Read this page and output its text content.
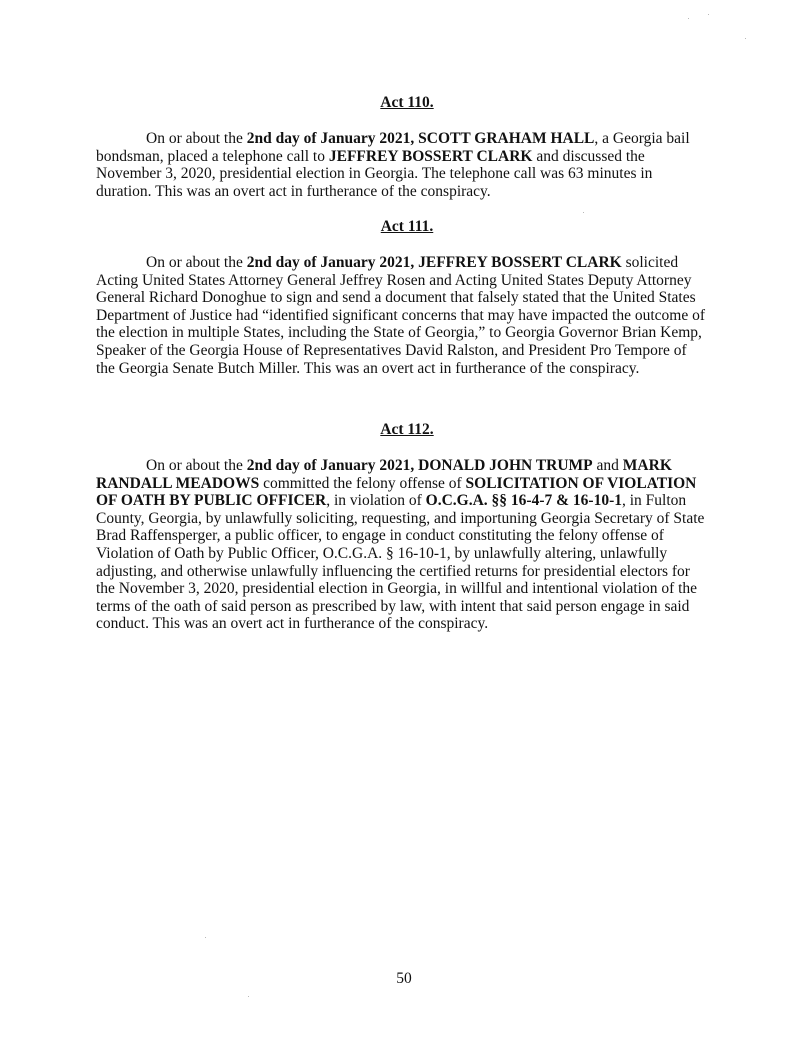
Act 110.

On or about the 2nd day of January 2021, SCOTT GRAHAM HALL, a Georgia bail bondsman, placed a telephone call to JEFFREY BOSSERT CLARK and discussed the November 3, 2020, presidential election in Georgia. The telephone call was 63 minutes in duration. This was an overt act in furtherance of the conspiracy.

Act 111.

On or about the 2nd day of January 2021, JEFFREY BOSSERT CLARK solicited Acting United States Attorney General Jeffrey Rosen and Acting United States Deputy Attorney General Richard Donoghue to sign and send a document that falsely stated that the United States Department of Justice had “identified significant concerns that may have impacted the outcome of the election in multiple States, including the State of Georgia,” to Georgia Governor Brian Kemp, Speaker of the Georgia House of Representatives David Ralston, and President Pro Tempore of the Georgia Senate Butch Miller. This was an overt act in furtherance of the conspiracy.

Act 112.

On or about the 2nd day of January 2021, DONALD JOHN TRUMP and MARK RANDALL MEADOWS committed the felony offense of SOLICITATION OF VIOLATION OF OATH BY PUBLIC OFFICER, in violation of O.C.G.A. §§ 16-4-7 & 16-10-1, in Fulton County, Georgia, by unlawfully soliciting, requesting, and importuning Georgia Secretary of State Brad Raffensperger, a public officer, to engage in conduct constituting the felony offense of Violation of Oath by Public Officer, O.C.G.A. § 16-10-1, by unlawfully altering, unlawfully adjusting, and otherwise unlawfully influencing the certified returns for presidential electors for the November 3, 2020, presidential election in Georgia, in willful and intentional violation of the terms of the oath of said person as prescribed by law, with intent that said person engage in said conduct. This was an overt act in furtherance of the conspiracy.

50
